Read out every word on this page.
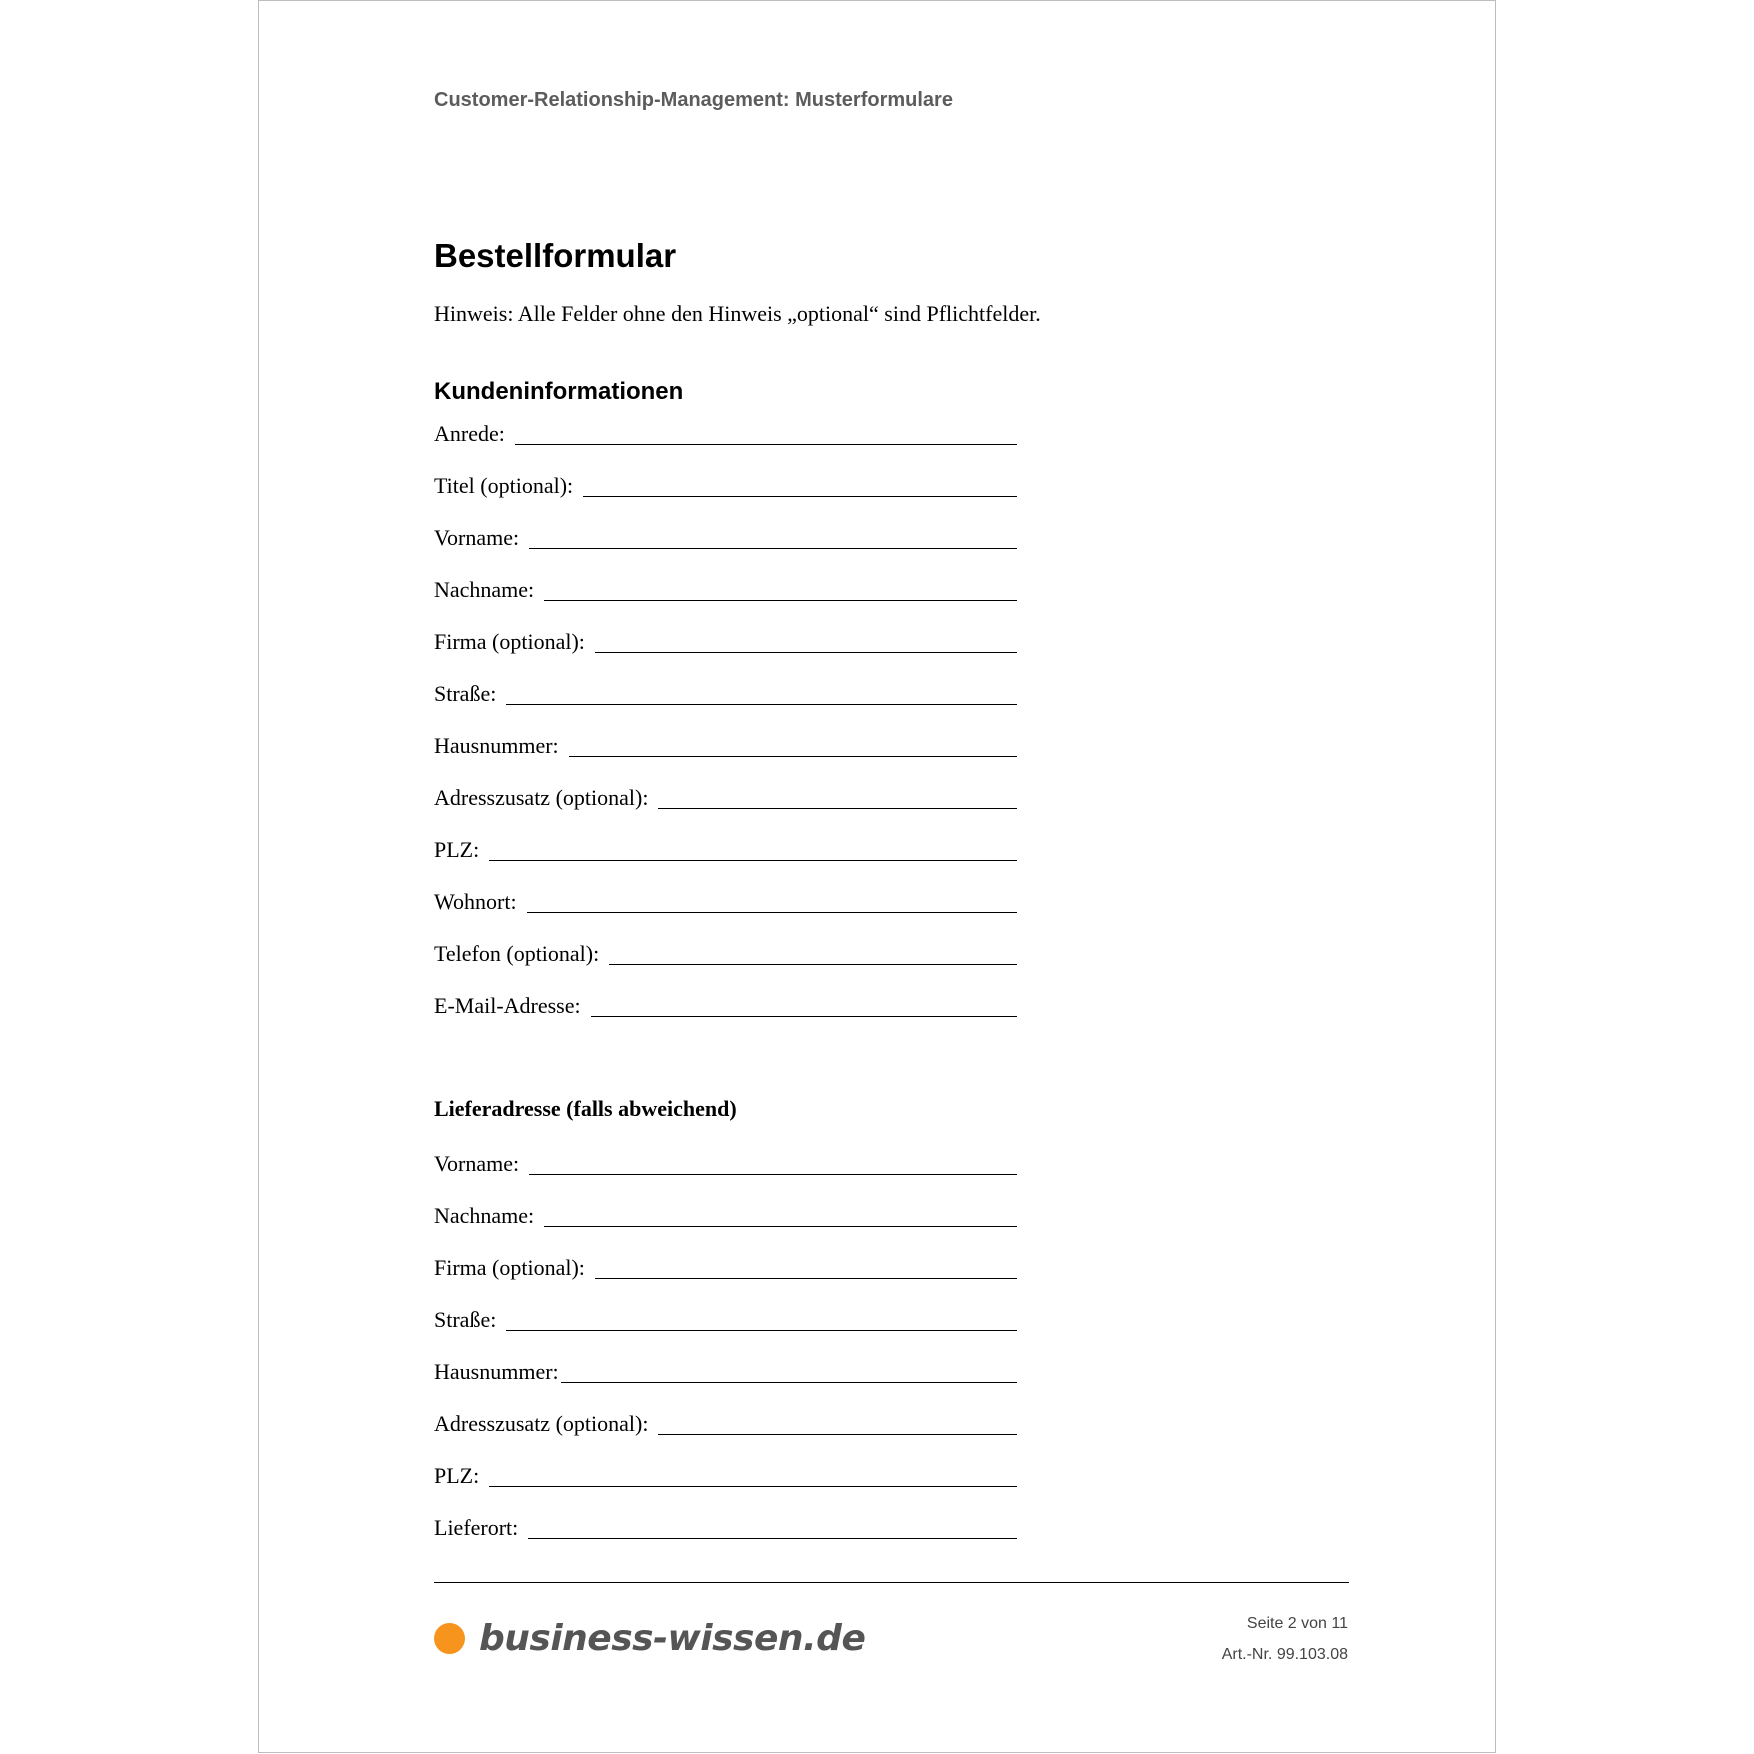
Customer-Relationship-Management: Musterformulare
Bestellformular
Hinweis: Alle Felder ohne den Hinweis „optional“ sind Pflichtfelder.
Kundeninformationen
Anrede:
Titel (optional):
Vorname:
Nachname:
Firma (optional):
Straße:
Hausnummer:
Adresszusatz (optional):
PLZ:
Wohnort:
Telefon (optional):
E-Mail-Adresse:
Lieferadresse (falls abweichend)
Vorname:
Nachname:
Firma (optional):
Straße:
Hausnummer:
Adresszusatz (optional):
PLZ:
Lieferort:
business-wissen.de	Seite 2 von 11
Art.-Nr. 99.103.08
